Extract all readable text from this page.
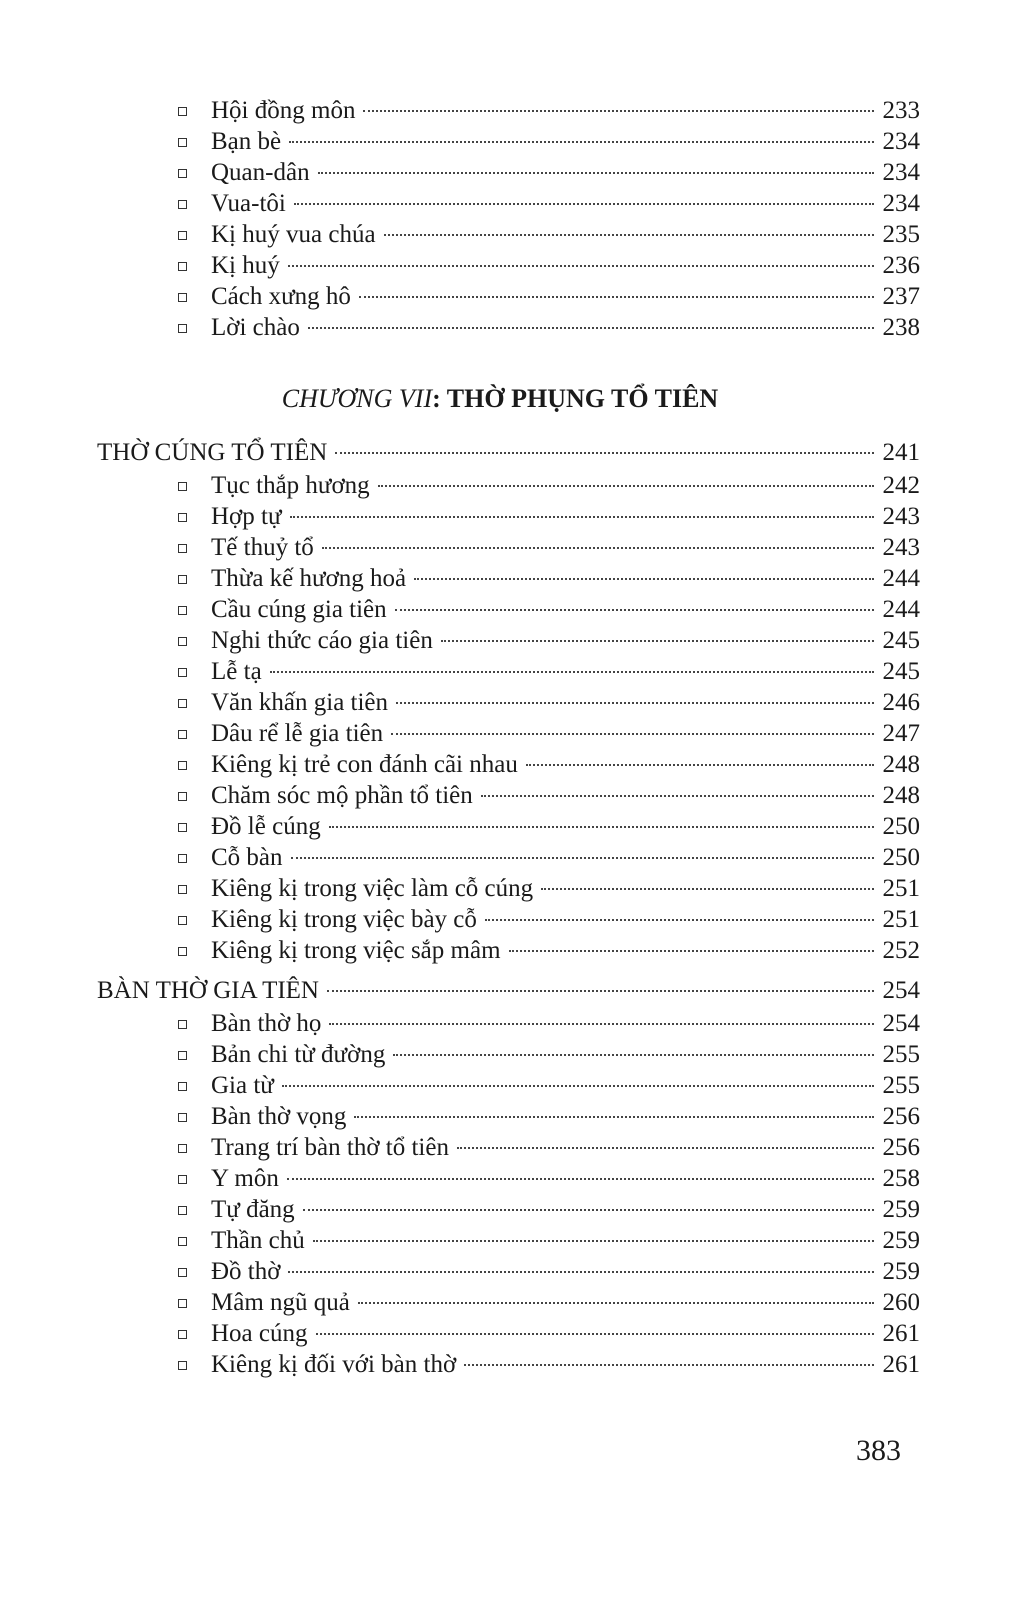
Hội đồng môn	233
Bạn bè	234
Quan-dân	234
Vua-tôi	234
Kị huý vua chúa	235
Kị huý	236
Cách xưng hô	237
Lời chào	238
CHƯƠNG VII: THỜ PHỤNG TỔ TIÊN
THỜ CÚNG TỔ TIÊN	241
Tục thắp hương	242
Hợp tự	243
Tế thuỷ tổ	243
Thừa kế hương hoả	244
Cầu cúng gia tiên	244
Nghi thức cáo gia tiên	245
Lễ tạ	245
Văn khấn gia tiên	246
Dâu rể lễ gia tiên	247
Kiêng kị trẻ con đánh cãi nhau	248
Chăm sóc mộ phần tổ tiên	248
Đồ lễ cúng	250
Cỗ bàn	250
Kiêng kị trong việc làm cỗ cúng	251
Kiêng kị trong việc bày cỗ	251
Kiêng kị trong việc sắp mâm	252
BÀN THỜ GIA TIÊN	254
Bàn thờ họ	254
Bản chi từ đường	255
Gia từ	255
Bàn thờ vọng	256
Trang trí bàn thờ tổ tiên	256
Y môn	258
Tự đăng	259
Thần chủ	259
Đồ thờ	259
Mâm ngũ quả	260
Hoa cúng	261
Kiêng kị đối với bàn thờ	261
383
